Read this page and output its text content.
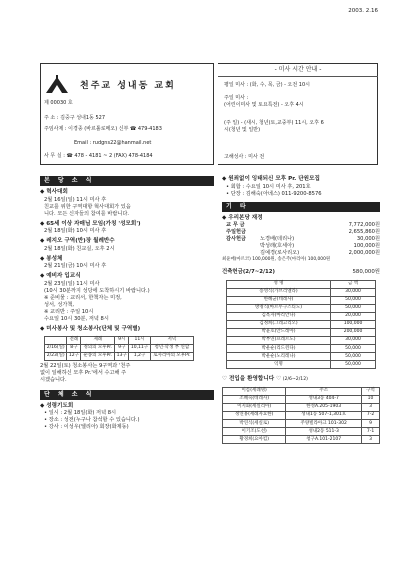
2003. 2.16
천주교 성내동 교회
제 00030 호
주 소 : 김중구 성내1동 527
주임사제 : 이경종 (바르톨로메오) 신부 ☎ 479-4183
Email : rudgns22@hanmail.net
사 무 실 : ☎ 478 - 4181 ~ 2 (FAX) 478-4184
- 미사 시간 안내 -
평일 미사 : (화, 수, 목, 금) - 오전 10시
주일 미사 :
(어린이미사 및 토요특전) - 오후 4시
(주 일) - (새시, 청년(토,교중부) 11시, 오후 6시(청년 및 일반)
고해성사 : 미사 전
본 당 소 식
◆ 혁사대회
2월 16일(일) 11시 미사 후
친교를 위한 구역대항 혁사대회가 있읍
니다. 모든 신자들의 참여를 바랍니다.
◆ 65세 이상 자매님 모임(가칭 '성모회')
2월 18일(화) 10시 미사 후
◆ 레지오 구역(반)장 월례반수
2월 18일(화) 친교실, 오후 2시
◆ 봉성체
2월 21일(금) 10시 미사 후
◆ 예비자 입교식
2월 23일(일) 11시 미사
(10시 30분까지 성당에 도착하시기 바랍니다.)
※ 준비물 : 교리서, 한책자는 미정,
성서, 성가책,
※ 교리반 : 주일 10시
수요일 10시 30분, 저녁 8시
◆ 미사봉사 및 청소봉사(단체 및 구역별)
	전례	제례	9시	11시	저녁
2/16(일)	8구	정의의 모후Pr.	9구	10,11구	청년·학생 부 연합
2/23(일)	12구	순종의 모후Pr.	13구	1,2구	로사리아의 모후Pr.
2월 22일(토) 청소봉사는 9구역과 '천주
없이 일해하신 모후 Pr.'에서 수고해 주
시겠습니다.
단 체 소 식
◆ 성령기도회
• 일시 : 2월 18일(화) 저녁 8시
• 장소 : 성전(누구나 참석할 수 있습니다.)
• 강사 : 이성우(엘리아) 회장(화제동)
◆ 원죄없이 잉태되신 모후 Pr. 단원모집
• 회합 : 수요일 10시 미사 후, 201호
• 단장 : 김해숙(아녜스) 011-9200-8576
기 타
◆ 우리본당 재정
교 무 금	7,772,000원
주일헌금	2,655,860원
감사헌금	노경배(데리나)	30,000원
박성래(호세아)	100,000원
김예경(로사리오)	2,000,000원
최윤매(마르코) 100,000원, 송은주(마리아) 100,000원
건축헌금(2/7~2/12)	580,000원
성 명	금 액
송영식(가브리엘라)	30,000
한혜균(데레사)	50,000
방정식(마르두구스티노)	50,000
김옥자(마리안나)	20,000
김정희(그레고리오)	100,000
박윤호(안드레아)	200,000
박부연(프레르도)	30,000
박운순(리드윈다)	50,000
박운순(노리레나)	50,000
익명	50,000
♡ 전입을 환영합니다 ♡ (2/6~2/12)
이름(세례명)	주소	구역
조혜숙(데레사)	성내3동 404-7	10
이지화(세실리아)	한성A.205-1903	3
정연홍(세례자요한)	성내1동 507-1,301호	7-2
박연식(세실로)	주양빌라아크 101-302	9
이기조(도선)	성내2동 511-3	7-1
황경희(요아킴)	청구A.101-2107	3
